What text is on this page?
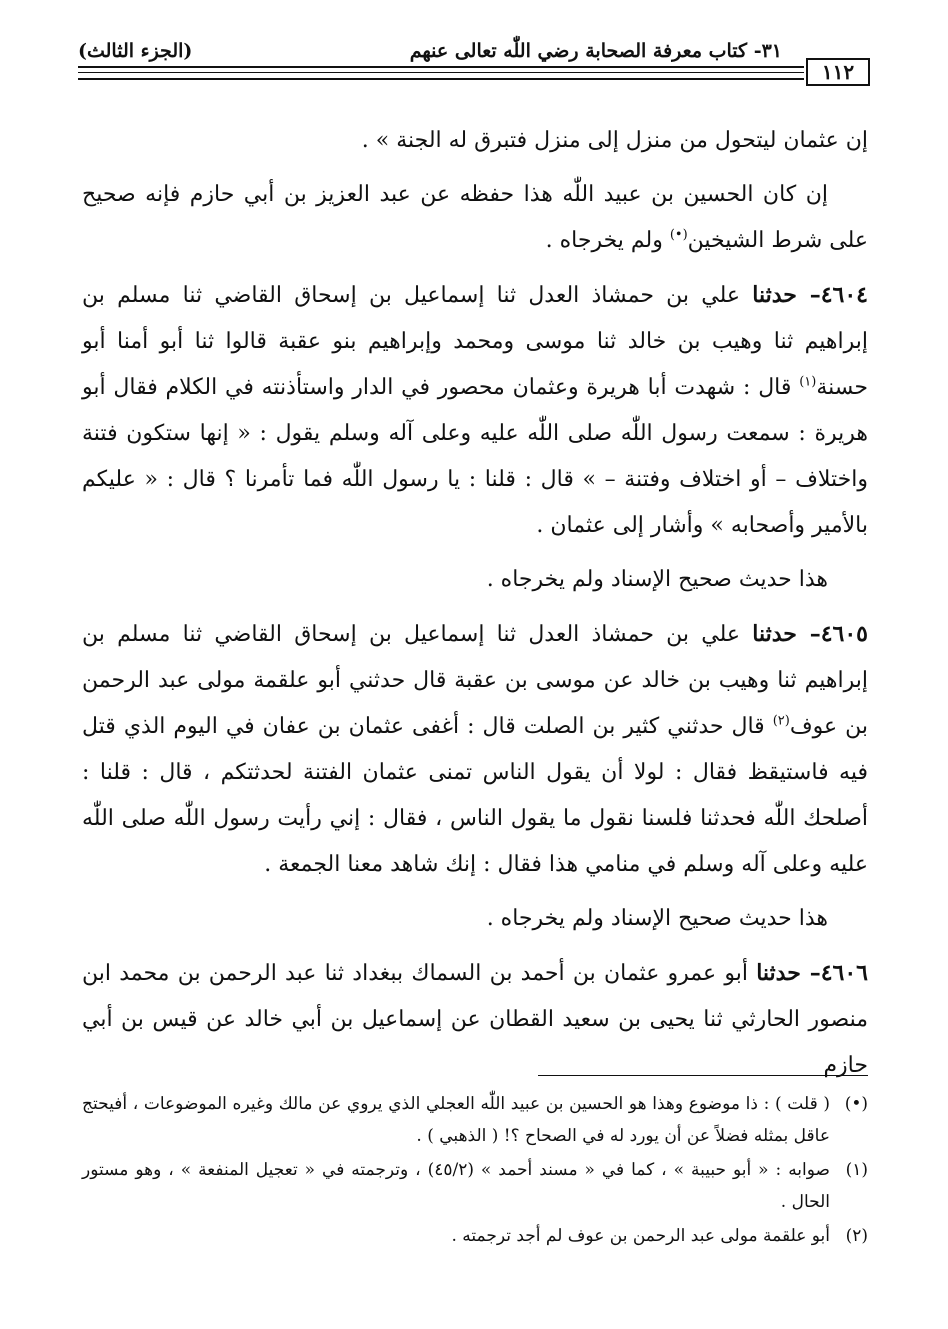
١١٢
٣١- كتاب معرفة الصحابة رضي اللّٰه تعالى عنهم
(الجزء الثالث)

إن عثمان ليتحول من منزل إلى منزل فتبرق له الجنة » .

إن كان الحسين بن عبيد اللّٰه هذا حفظه عن عبد العزيز بن أبي حازم فإنه صحيح على شرط الشيخين(•) ولم يخرجاه .

٤٦٠٤– حدثنا علي بن حمشاذ العدل ثنا إسماعيل بن إسحاق القاضي ثنا مسلم بن إبراهيم ثنا وهيب بن خالد ثنا موسى ومحمد وإبراهيم بنو عقبة قالوا ثنا أبو أمنا أبو حسنة$^{(١)}$ قال : شهدت أبا هريرة وعثمان محصور في الدار واستأذنته في الكلام فقال أبو هريرة : سمعت رسول اللّٰه صلى اللّٰه عليه وعلى آله وسلم يقول : « إنها ستكون فتنة واختلاف – أو اختلاف وفتنة – » قال : قلنا : يا رسول اللّٰه فما تأمرنا ؟ قال : « عليكم بالأمير وأصحابه » وأشار إلى عثمان .

هذا حديث صحيح الإسناد ولم يخرجاه .

٤٦٠٥– حدثنا علي بن حمشاذ العدل ثنا إسماعيل بن إسحاق القاضي ثنا مسلم بن إبراهيم ثنا وهيب بن خالد عن موسى بن عقبة قال حدثني أبو علقمة مولى عبد الرحمن بن عوف$^{(٢)}$ قال حدثني كثير بن الصلت قال : أغفى عثمان بن عفان في اليوم الذي قتل فيه فاستيقظ فقال : لولا أن يقول الناس تمنى عثمان الفتنة لحدثتكم ، قال : قلنا : أصلحك اللّٰه فحدثنا فلسنا نقول ما يقول الناس ، فقال : إني رأيت رسول اللّٰه صلى اللّٰه عليه وعلى آله وسلم في منامي هذا فقال : إنك شاهد معنا الجمعة .

هذا حديث صحيح الإسناد ولم يخرجاه .

٤٦٠٦– حدثنا أبو عمرو عثمان بن أحمد بن السماك ببغداد ثنا عبد الرحمن بن محمد ابن منصور الحارثي ثنا يحيى بن سعيد القطان عن إسماعيل بن أبي خالد عن قيس بن أبي حازم

(•)
( قلت ) : ذا موضوع وهذا هو الحسين بن عبيد اللّٰه العجلي الذي يروي عن مالك وغيره الموضوعات ، أفيحتج عاقل بمثله فضلاً عن أن يورد له في الصحاح ؟! ( الذهبي ) .
(١)
صوابه : « أبو حبيبة » ، كما في « مسند أحمد » (٤٥/٢) ، وترجمته في « تعجيل المنفعة » ، وهو مستور الحال .
(٢)
أبو علقمة مولى عبد الرحمن بن عوف لم أجد ترجمته .
